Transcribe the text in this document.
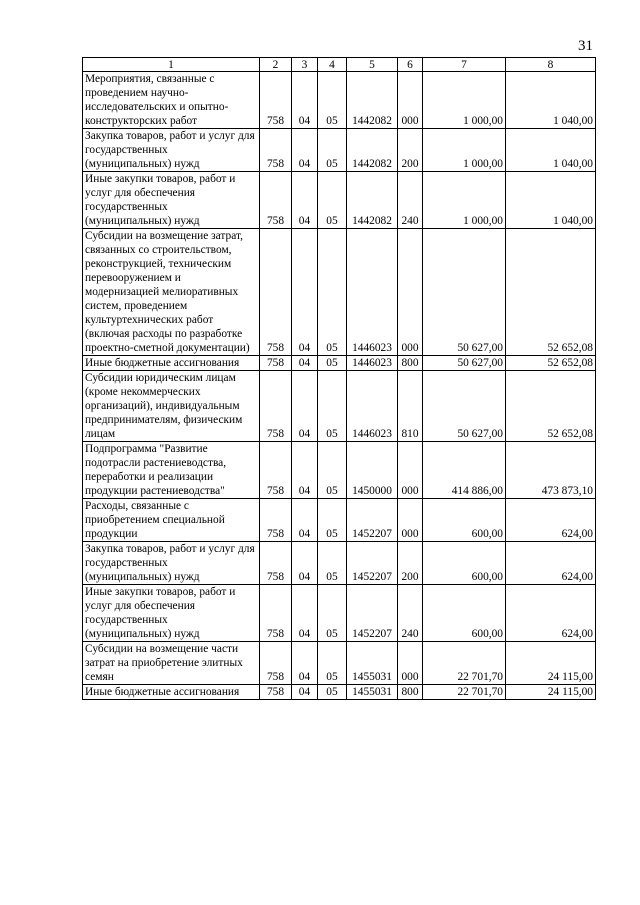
31
1	2	3	4	5	6	7	8
Мероприятия, связанные с проведением научно-исследовательских и опытно-конструкторских работ	758	04	05	1442082	000	1 000,00	1 040,00
Закупка товаров, работ и услуг для государственных (муниципальных) нужд	758	04	05	1442082	200	1 000,00	1 040,00
Иные закупки товаров, работ и услуг для обеспечения государственных (муниципальных) нужд	758	04	05	1442082	240	1 000,00	1 040,00
Субсидии на возмещение затрат, связанных со строительством, реконструкцией, техническим перевооружением и модернизацией мелиоративных систем, проведением культуртехнических работ (включая расходы по разработке проектно-сметной документации)	758	04	05	1446023	000	50 627,00	52 652,08
Иные бюджетные ассигнования	758	04	05	1446023	800	50 627,00	52 652,08
Субсидии юридическим лицам (кроме некоммерческих организаций), индивидуальным предпринимателям, физическим лицам	758	04	05	1446023	810	50 627,00	52 652,08
Подпрограмма "Развитие подотрасли растениеводства, переработки и реализации продукции растениеводства"	758	04	05	1450000	000	414 886,00	473 873,10
Расходы, связанные с приобретением специальной продукции	758	04	05	1452207	000	600,00	624,00
Закупка товаров, работ и услуг для государственных (муниципальных) нужд	758	04	05	1452207	200	600,00	624,00
Иные закупки товаров, работ и услуг для обеспечения государственных (муниципальных) нужд	758	04	05	1452207	240	600,00	624,00
Субсидии на возмещение части затрат на приобретение элитных семян	758	04	05	1455031	000	22 701,70	24 115,00
Иные бюджетные ассигнования	758	04	05	1455031	800	22 701,70	24 115,00
